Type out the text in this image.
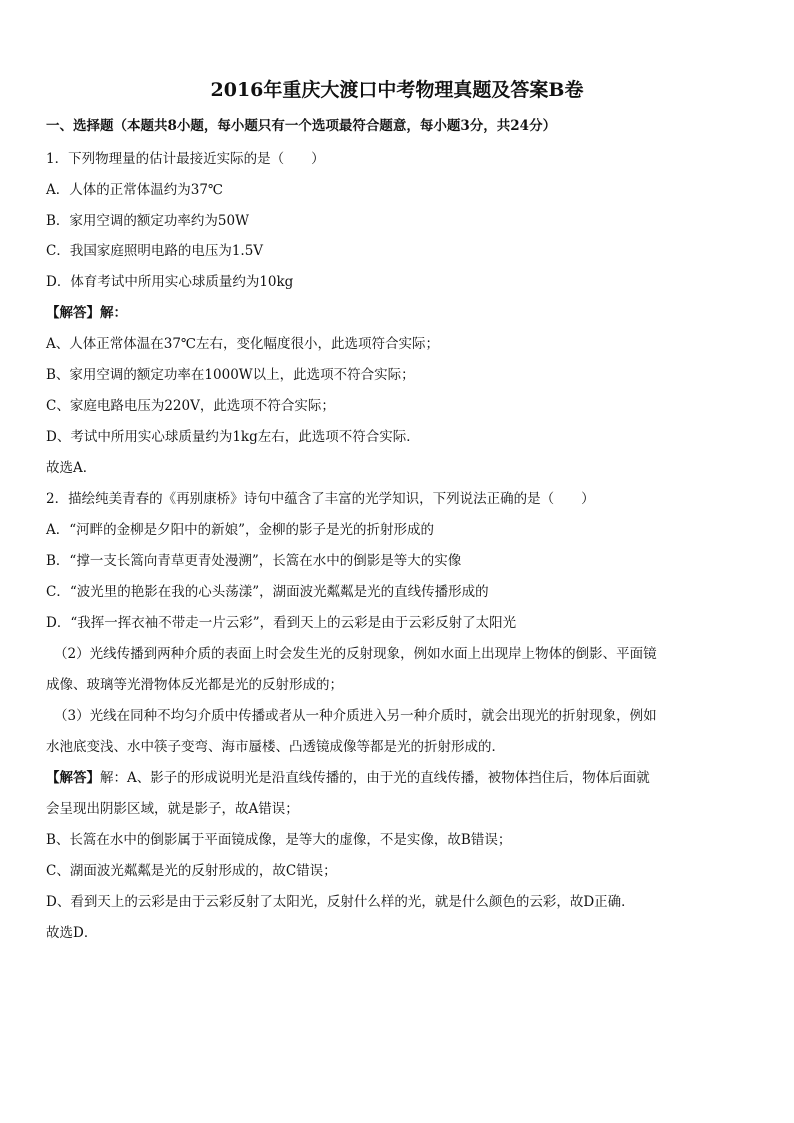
2016年重庆大渡口中考物理真题及答案B卷
一、选择题（本题共8小题，每小题只有一个选项最符合题意，每小题3分，共24分）
1．下列物理量的估计最接近实际的是（　　）
A．人体的正常体温约为37℃
B．家用空调的额定功率约为50W
C．我国家庭照明电路的电压为1.5V
D．体育考试中所用实心球质量约为10kg
【解答】解：
A、人体正常体温在37℃左右，变化幅度很小，此选项符合实际；
B、家用空调的额定功率在1000W以上，此选项不符合实际；
C、家庭电路电压为220V，此选项不符合实际；
D、考试中所用实心球质量约为1kg左右，此选项不符合实际．
故选A．
2．描绘纯美青春的《再别康桥》诗句中蕴含了丰富的光学知识，下列说法正确的是（　　）
A．“河畔的金柳是夕阳中的新娘”，金柳的影子是光的折射形成的
B．“撑一支长篙向青草更青处漫溯”，长篙在水中的倒影是等大的实像
C．“波光里的艳影在我的心头荡漾”，湖面波光粼粼是光的直线传播形成的
D．“我挥一挥衣袖不带走一片云彩”，看到天上的云彩是由于云彩反射了太阳光
（2）光线传播到两种介质的表面上时会发生光的反射现象，例如水面上出现岸上物体的倒影、平面镜
成像、玻璃等光滑物体反光都是光的反射形成的；
（3）光线在同种不均匀介质中传播或者从一种介质进入另一种介质时，就会出现光的折射现象，例如
水池底变浅、水中筷子变弯、海市蜃楼、凸透镜成像等都是光的折射形成的．
【解答】解：A、影子的形成说明光是沿直线传播的，由于光的直线传播，被物体挡住后，物体后面就
会呈现出阴影区域，就是影子，故A错误；
B、长篙在水中的倒影属于平面镜成像，是等大的虚像，不是实像，故B错误；
C、湖面波光粼粼是光的反射形成的，故C错误；
D、看到天上的云彩是由于云彩反射了太阳光，反射什么样的光，就是什么颜色的云彩，故D正确．
故选D．
